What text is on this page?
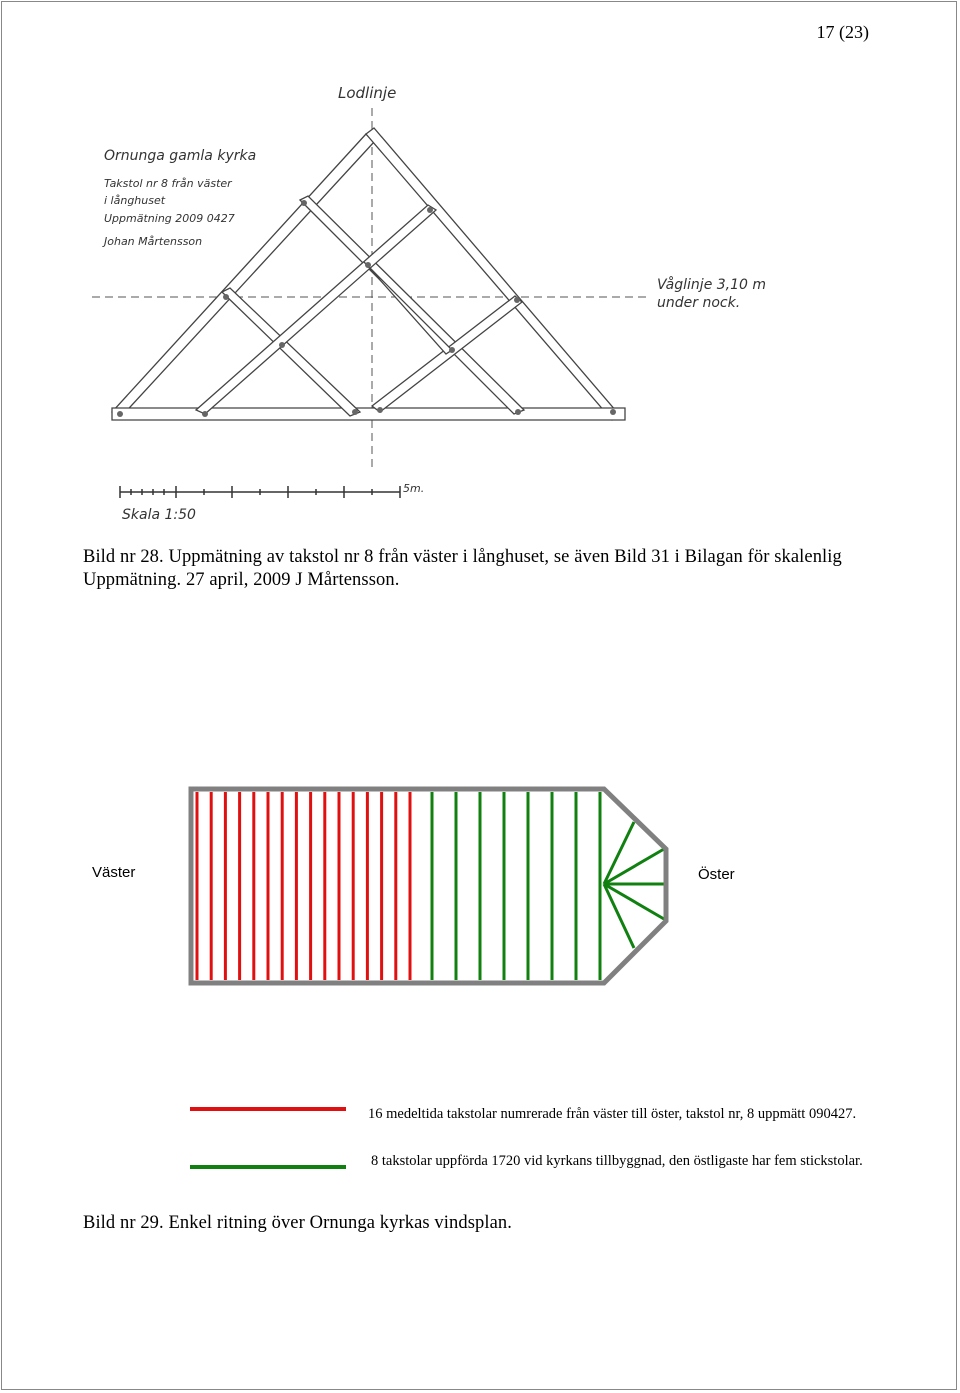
17 (23)
Lodlinje
Ornunga gamla kyrka
Takstol nr 8 från väster
i långhuset
Uppmätning 2009 0427
Johan Mårtensson
Våglinje 3,10 m
under nock.
5m.
Skala 1:50
Bild nr 28. Uppmätning av takstol nr 8 från väster i långhuset, se även Bild 31 i Bilagan för skalenlig Uppmätning. 27 april, 2009 J Mårtensson.
Väster	Öster
16 medeltida takstolar numrerade från väster till öster, takstol nr, 8 uppmätt 090427.
8 takstolar uppförda 1720 vid kyrkans tillbyggnad, den östligaste har fem stickstolar.
Bild nr 29. Enkel ritning över Ornunga kyrkas vindsplan.
